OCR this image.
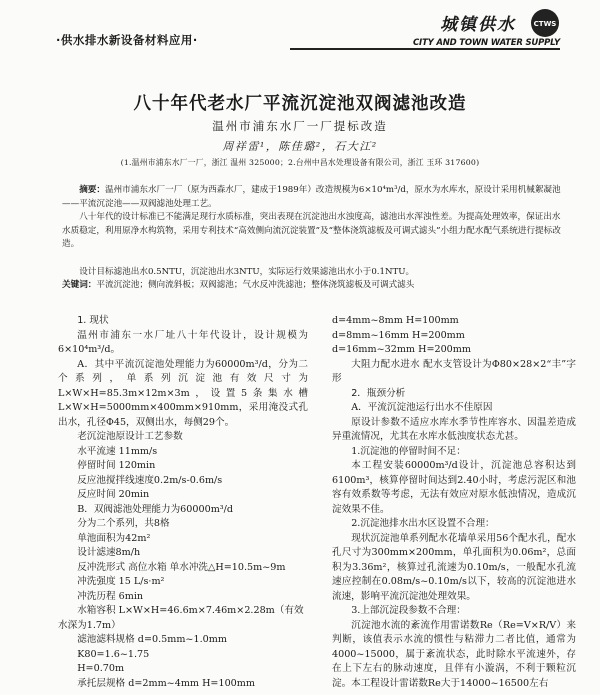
·供水排水新设备材料应用·
城镇供水	CTWS
CITY AND TOWN WATER SUPPLY
八十年代老水厂平流沉淀池双阀滤池改造
温州市浦东水厂一厂提标改造
周祥雷¹，陈佳璐²，石大江²
(1.温州市浦东水厂一厂，浙江 温州 325000；2.台州中昌水处理设备有限公司，浙江 玉环 317600)
摘要：温州市浦东水厂一厂（原为西森水厂，建成于1989年）改造规模为6×10⁴m³/d，原水为水库水，原设计采用机械絮凝池——平流沉淀池——双阀滤池处理工艺。
八十年代的设计标准已不能满足现行水质标准，突出表现在沉淀池出水浊度高，滤池出水浑浊性差。为提高处理效率，保证出水水质稳定，利用原净水构筑物，采用专利技术“高效侧向流沉淀装置”及“整体浇筑滤板及可调式滤头”小组力配水配气系统进行提标改造。
设计目标滤池出水0.5NTU，沉淀池出水3NTU，实际运行效果滤池出水小于0.1NTU。
关键词：平流沉淀池；侧向流斜板；双阀滤池；气水反冲洗滤池；整体浇筑滤板及可调式滤头

1. 现状

温州市浦东一水厂址八十年代设计，设计规模为6×10⁴m³/d。

A．其中平流沉淀池处理能力为60000m³/d，分为二个系列，单系列沉淀池有效尺寸为L×W×H=85.3m×12m×3m，设置5条集水槽L×W×H=5000mm×400mm×910mm，采用淹没式孔出水，孔径Φ45，双侧出水，每侧29个。

老沉淀池原设计工艺参数

水平流速 11mm/s

停留时间 120min

反应池搅拌线速度0.2m/s-0.6m/s

反应时间 20min

B．双阀滤池处理能力为60000m³/d

分为二个系列，共8格

单池面积为42m²

设计滤速8m/h

反冲洗形式 高位水箱 单水冲洗△H=10.5m~9m

冲洗强度 15 L/s·m²

冲洗历程 6min

水箱容积 L×W×H=46.6m×7.46m×2.28m（有效水深为1.7m）

滤池滤料规格 d=0.5mm~1.0mm

K80=1.6~1.75

H=0.70m

承托层规格 d=2mm~4mm H=100mm

d=4mm~8mm H=100mm

d=8mm~16mm H=200mm

d=16mm~32mm H=200mm

大阻力配水进水 配水支管设计为Φ80×28×2“丰”字形

2．瓶颈分析

A．平流沉淀池运行出水不佳原因

原设计参数不适应水库水季节性库容水、因温差造成异重流情况，尤其在水库水低浊度状态尤甚。

1.沉淀池的停留时间不足：

本工程安装60000m³/d设计，沉淀池总容积达到6100m³，核算停留时间达到2.40小时，考虑污泥区和池容有效系数等考虑，无法有效应对原水低浊情况，造成沉淀效果不佳。

2.沉淀池排水出水区设置不合理：

现状沉淀池单系列配水花墙单采用56个配水孔，配水孔尺寸为300mm×200mm，单孔面积为0.06m²，总面积为3.36m²，核算过孔流速为0.10m/s，一般配水孔流速应控制在0.08m/s~0.10m/s以下，较高的沉淀池进水流速，影响平流沉淀池处理效果。

3.上部沉淀段参数不合理：

沉淀池水流的紊流作用雷诺数Re（Re=V×R/V）来判断，该值表示水流的惯性与粘滞力二者比值，通常为4000~15000，属于紊流状态，此时除水平流速外，存在上下左右的脉动速度，且伴有小漩涡，不利于颗粒沉淀。本工程设计雷诺数Re大于14000~16500左右
